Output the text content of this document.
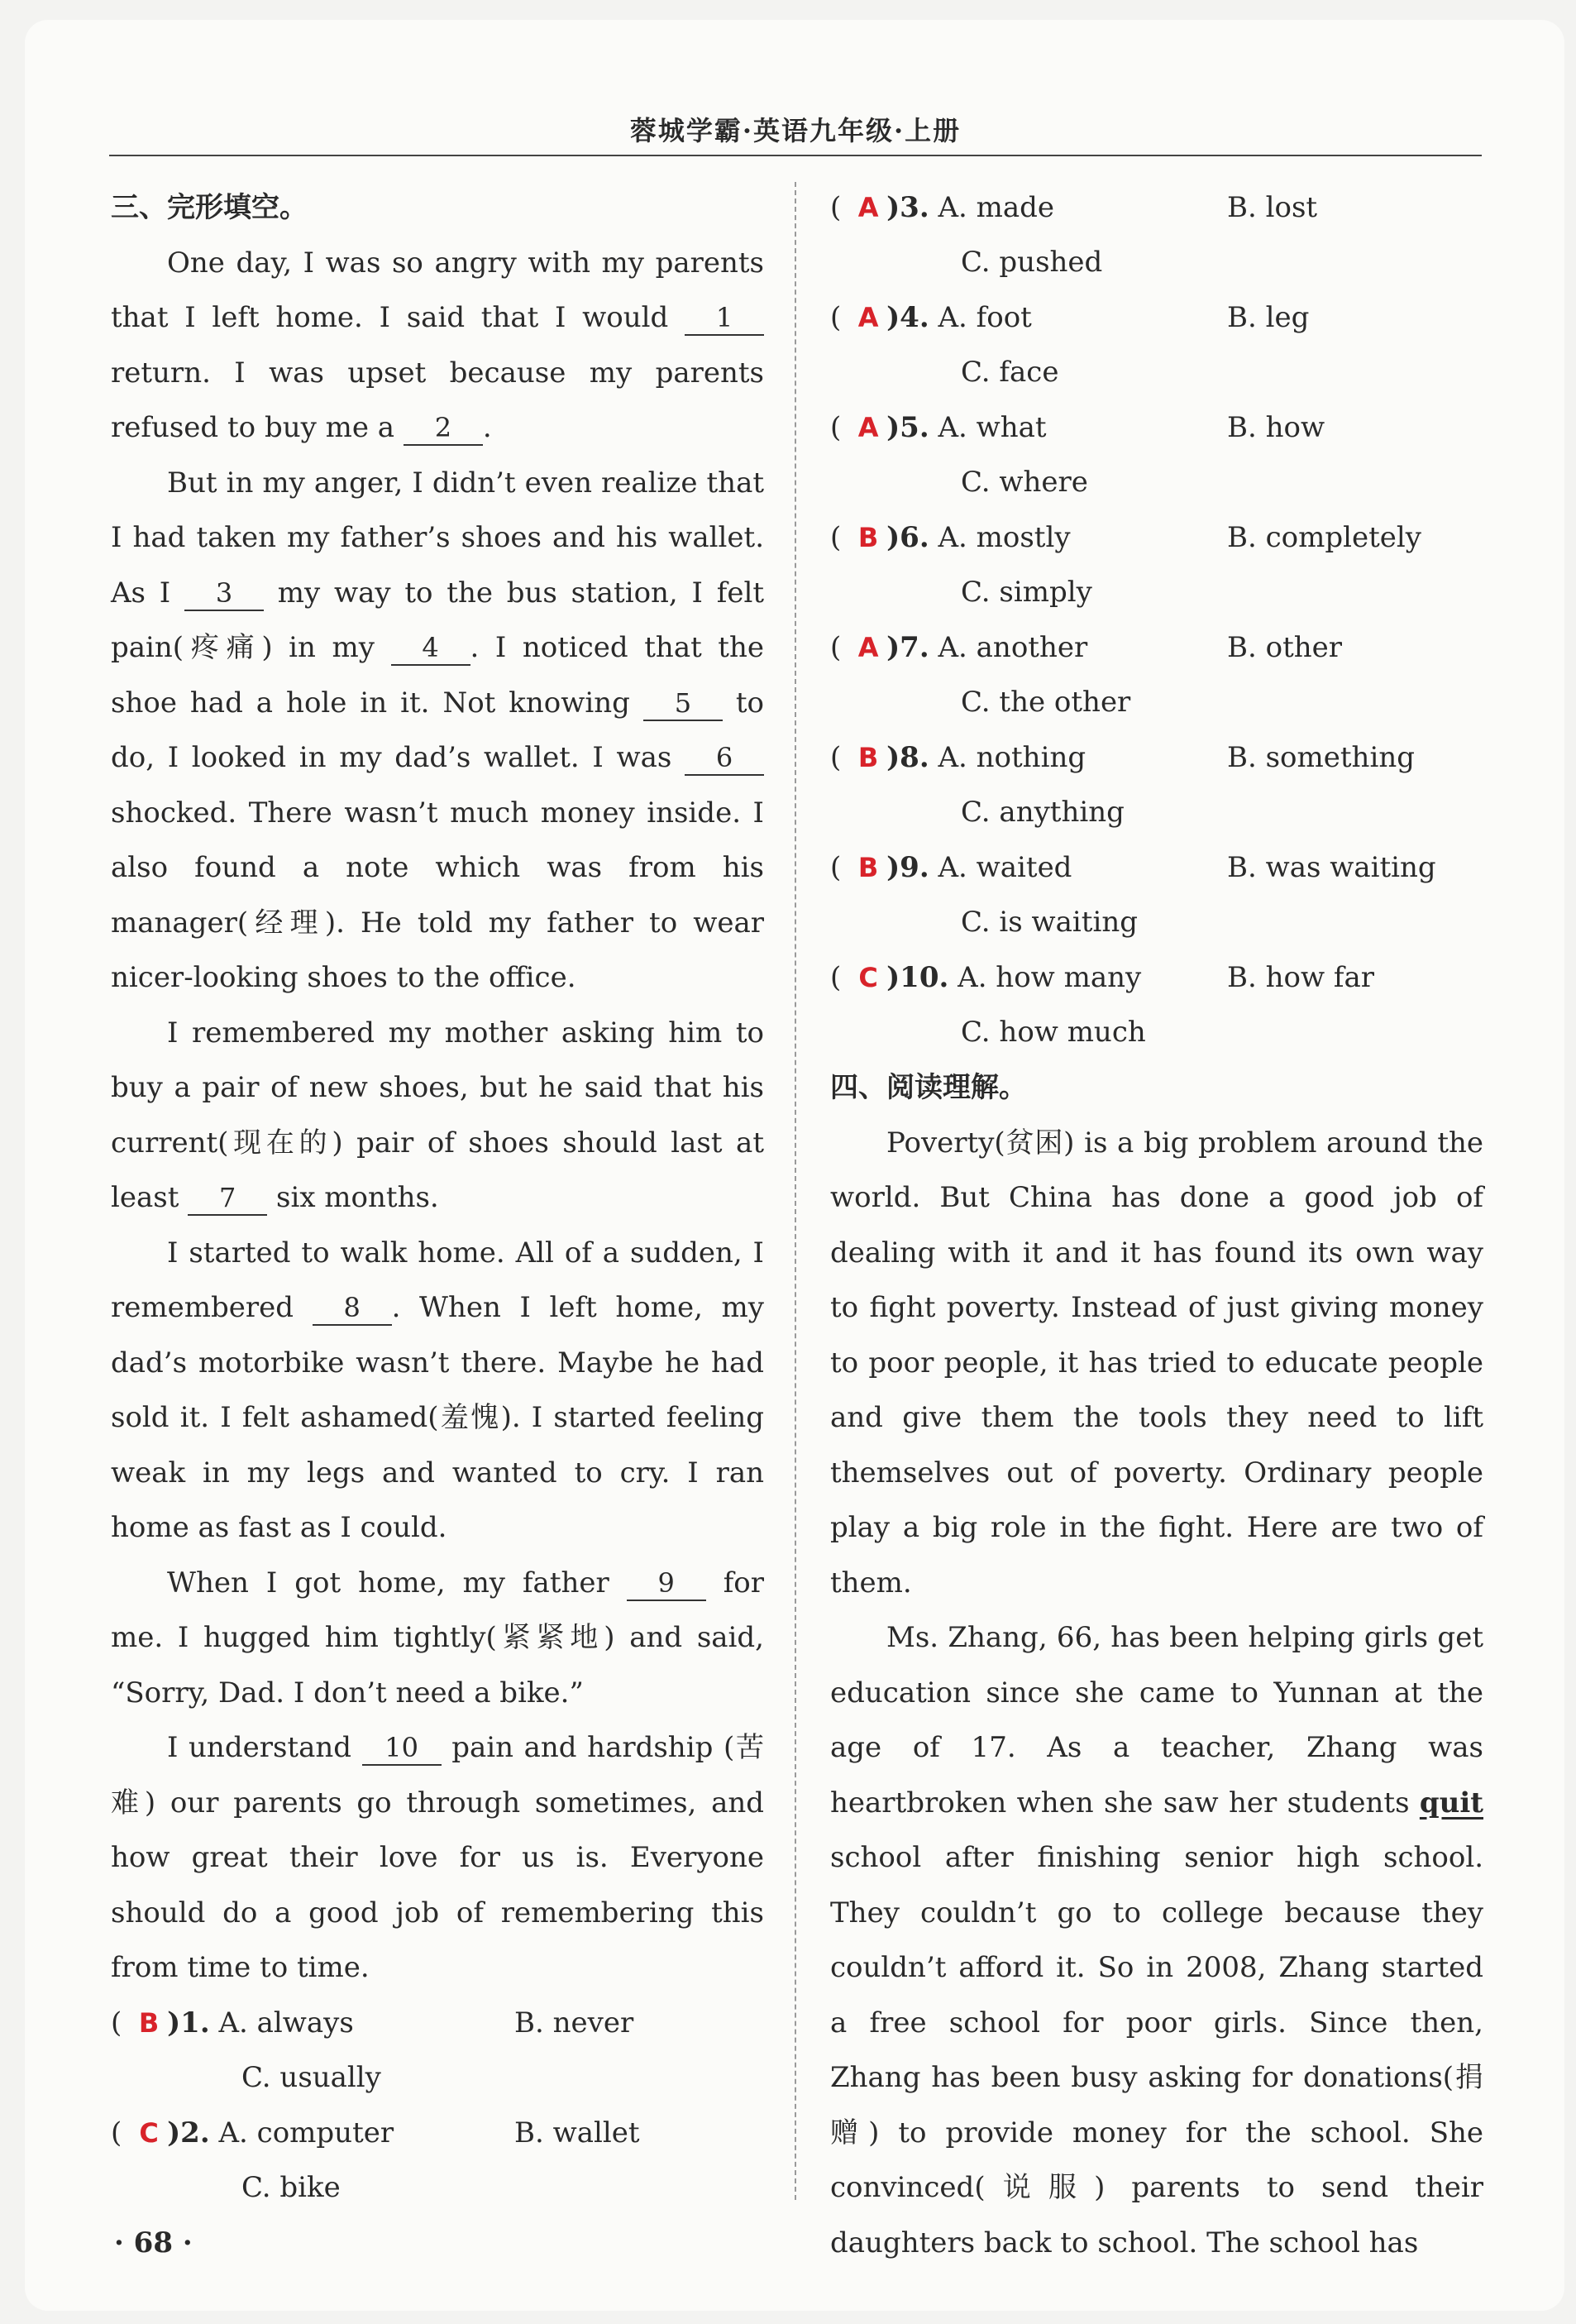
蓉城学霸·英语九年级·上册
三、完形填空。

One day, I was so angry with my parents that I left home. I said that I would 1 return. I was upset because my parents refused to buy me a 2 .

But in my anger, I didn’t even realize that I had taken my father’s shoes and his wallet. As I 3 my way to the bus station, I felt pain(疼痛) in my 4 . I noticed that the shoe had a hole in it. Not knowing 5 to do, I looked in my dad’s wallet. I was 6 shocked. There wasn’t much money inside. I also found a note which was from his manager(经理). He told my father to wear nicer-looking shoes to the office.

I remembered my mother asking him to buy a pair of new shoes, but he said that his current(现在的) pair of shoes should last at least 7 six months.

I started to walk home. All of a sudden, I remembered 8 . When I left home, my dad’s motorbike wasn’t there. Maybe he had sold it. I felt ashamed(羞愧). I started feeling weak in my legs and wanted to cry. I ran home as fast as I could.

When I got home, my father 9 for me. I hugged him tightly(紧紧地) and said, “Sorry, Dad. I don’t need a bike.”

I understand 10 pain and hardship (苦难) our parents go through sometimes, and how great their love for us is. Everyone should do a good job of remembering this from time to time.

( B )1. A. always	B. never
C. usually
( C )2. A. computer	B. wallet
C. bike
( A )3. A. made	B. lost
C. pushed
( A )4. A. foot	B. leg
C. face
( A )5. A. what	B. how
C. where
( B )6. A. mostly	B. completely
C. simply
( A )7. A. another	B. other
C. the other
( B )8. A. nothing	B. something
C. anything
( B )9. A. waited	B. was waiting
C. is waiting
( C )10. A. how many	B. how far
C. how much
四、阅读理解。

Poverty(贫困) is a big problem around the world. But China has done a good job of dealing with it and it has found its own way to fight poverty. Instead of just giving money to poor people, it has tried to educate people and give them the tools they need to lift themselves out of poverty. Ordinary people play a big role in the fight. Here are two of them.

Ms. Zhang, 66, has been helping girls get education since she came to Yunnan at the age of 17. As a teacher, Zhang was heartbroken when she saw her students quit school after finishing senior high school. They couldn’t go to college because they couldn’t afford it. So in 2008, Zhang started a free school for poor girls. Since then, Zhang has been busy asking for donations(捐赠) to provide money for the school. She convinced(说服) parents to send their daughters back to school. The school has

· 68 ·
